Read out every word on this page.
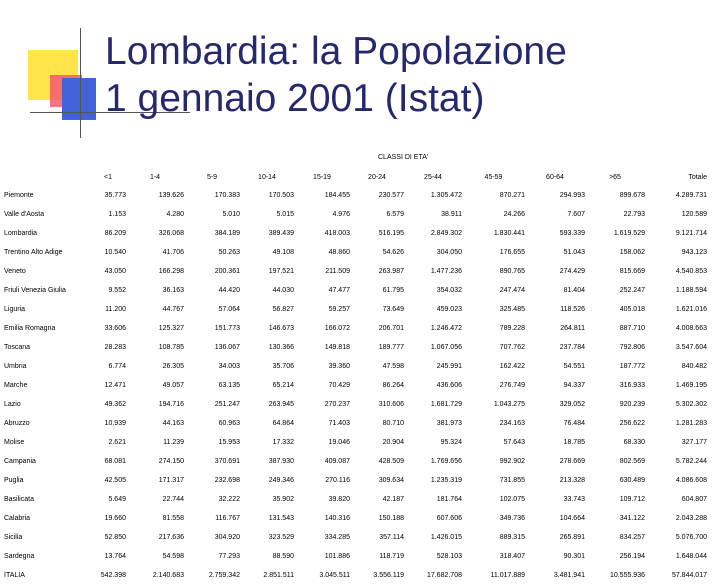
Lombardia: la Popolazione
1 gennaio 2001 (Istat)
CLASSI DI ETA'
	<1	1-4	5-9	10-14	15-19	20-24	25-44	45-59	60-64	>65	Totale
Piemonte	35.773	139.626	170.383	170.503	184.455	230.577	1.305.472	870.271	294.993	899.678	4.289.731
Valle d'Aosta	1.153	4.280	5.010	5.015	4.976	6.579	38.911	24.266	7.607	22.793	120.589
Lombardia	86.209	326.068	384.189	389.439	418.003	516.195	2.849.302	1.830.441	593.339	1.619.529	9.121.714
Trentino Alto Adige	10.540	41.706	50.263	49.108	48.860	54.626	304.050	176.655	51.043	158.062	943.123
Veneto	43.050	166.298	200.361	197.521	211.509	263.987	1.477.236	890.765	274.429	815.669	4.540.853
Friuli Venezia Giulia	9.552	36.163	44.420	44.030	47.477	61.795	354.032	247.474	81.404	252.247	1.188.594
Liguria	11.200	44.767	57.064	56.827	59.257	73.649	459.023	325.485	118.526	405.018	1.621.016
Emilia Romagna	33.606	125.327	151.773	146.673	166.072	206.701	1.246.472	789.228	264.811	887.710	4.008.663
Toscana	28.283	108.785	136.067	130.366	149.818	189.777	1.067.056	707.762	237.784	792.806	3.547.604
Umbria	6.774	26.305	34.003	35.706	39.360	47.598	245.991	162.422	54.551	187.772	840.482
Marche	12.471	49.057	63.135	65.214	70.429	86.264	436.606	276.749	94.337	316.933	1.469.195
Lazio	49.362	194.716	251.247	263.945	270.237	310.606	1.681.729	1.043.275	329.052	920.239	5.302.302
Abruzzo	10.939	44.163	60.963	64.864	71.403	80.710	381.973	234.163	76.484	256.622	1.281.283
Molise	2.621	11.239	15.953	17.332	19.046	20.904	95.324	57.643	18.785	68.330	327.177
Campania	68.081	274.150	370.691	387.930	409.087	428.509	1.769.656	992.902	278.669	802.569	5.782.244
Puglia	42.505	171.317	232.698	249.346	270.116	309.634	1.235.319	731.855	213.328	630.489	4.086.608
Basilicata	5.649	22.744	32.222	35.902	39.820	42.187	181.764	102.075	33.743	109.712	604.807
Calabria	19.660	81.558	116.767	131.543	140.316	150.188	607.606	349.736	104.664	341.122	2.043.288
Sicilia	52.850	217.636	304.920	323.529	334.285	357.114	1.426.015	889.315	265.891	834.257	5.076.700
Sardegna	13.764	54.598	77.293	88.590	101.886	118.719	528.103	318.407	90.301	256.194	1.648.044
ITALIA	542.398	2.140.683	2.759.342	2.851.511	3.045.511	3.556.119	17.682.708	11.017.889	3.481.941	10.555.936	57.844.017
